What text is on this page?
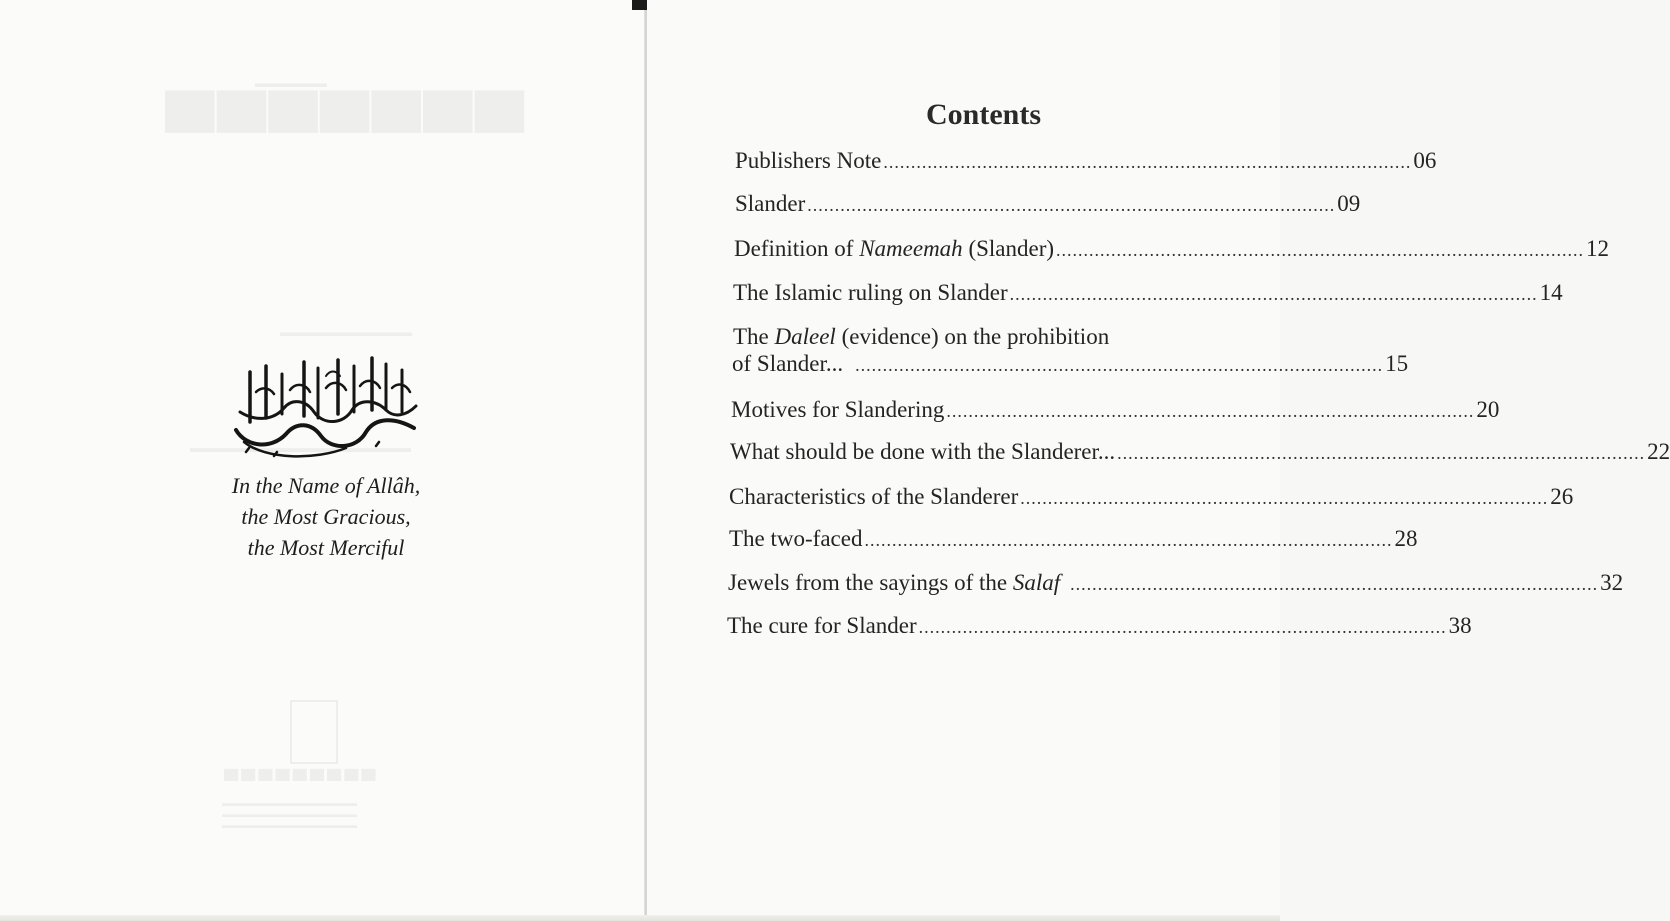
▬▬▬▬▬▬
▀▀▀▀▀▀▀
▬▬▬▬▬▬▬▬▬▬▬
▬▬▬▬▬▬▬▬▬▬▬▬▬▬▬▬▬
▀▀▀▀▀▀▀▀▀
▬▬▬▬▬▬▬▬▬▬▬▬▬▬▬
▬▬▬▬▬▬▬▬▬▬▬▬▬▬▬
▬▬▬▬▬▬▬▬▬▬▬▬▬▬▬
In the Name of Allâh,
the Most Gracious,
the Most Merciful
Contents
Publishers Note ................................................................................................ 06
Slander ................................................................................................ 09
Definition of Nameemah (Slander) ................................................................................................ 12
The Islamic ruling on Slander ................................................................................................ 14
The Daleel (evidence) on the prohibition
of Slander... ................................................................................................ 15
Motives for Slandering ................................................................................................ 20
What should be done with the Slanderer... ................................................................................................ 22
Characteristics of the Slanderer ................................................................................................ 26
The two-faced ................................................................................................ 28
Jewels from the sayings of the Salaf ................................................................................................ 32
The cure for Slander ................................................................................................ 38
